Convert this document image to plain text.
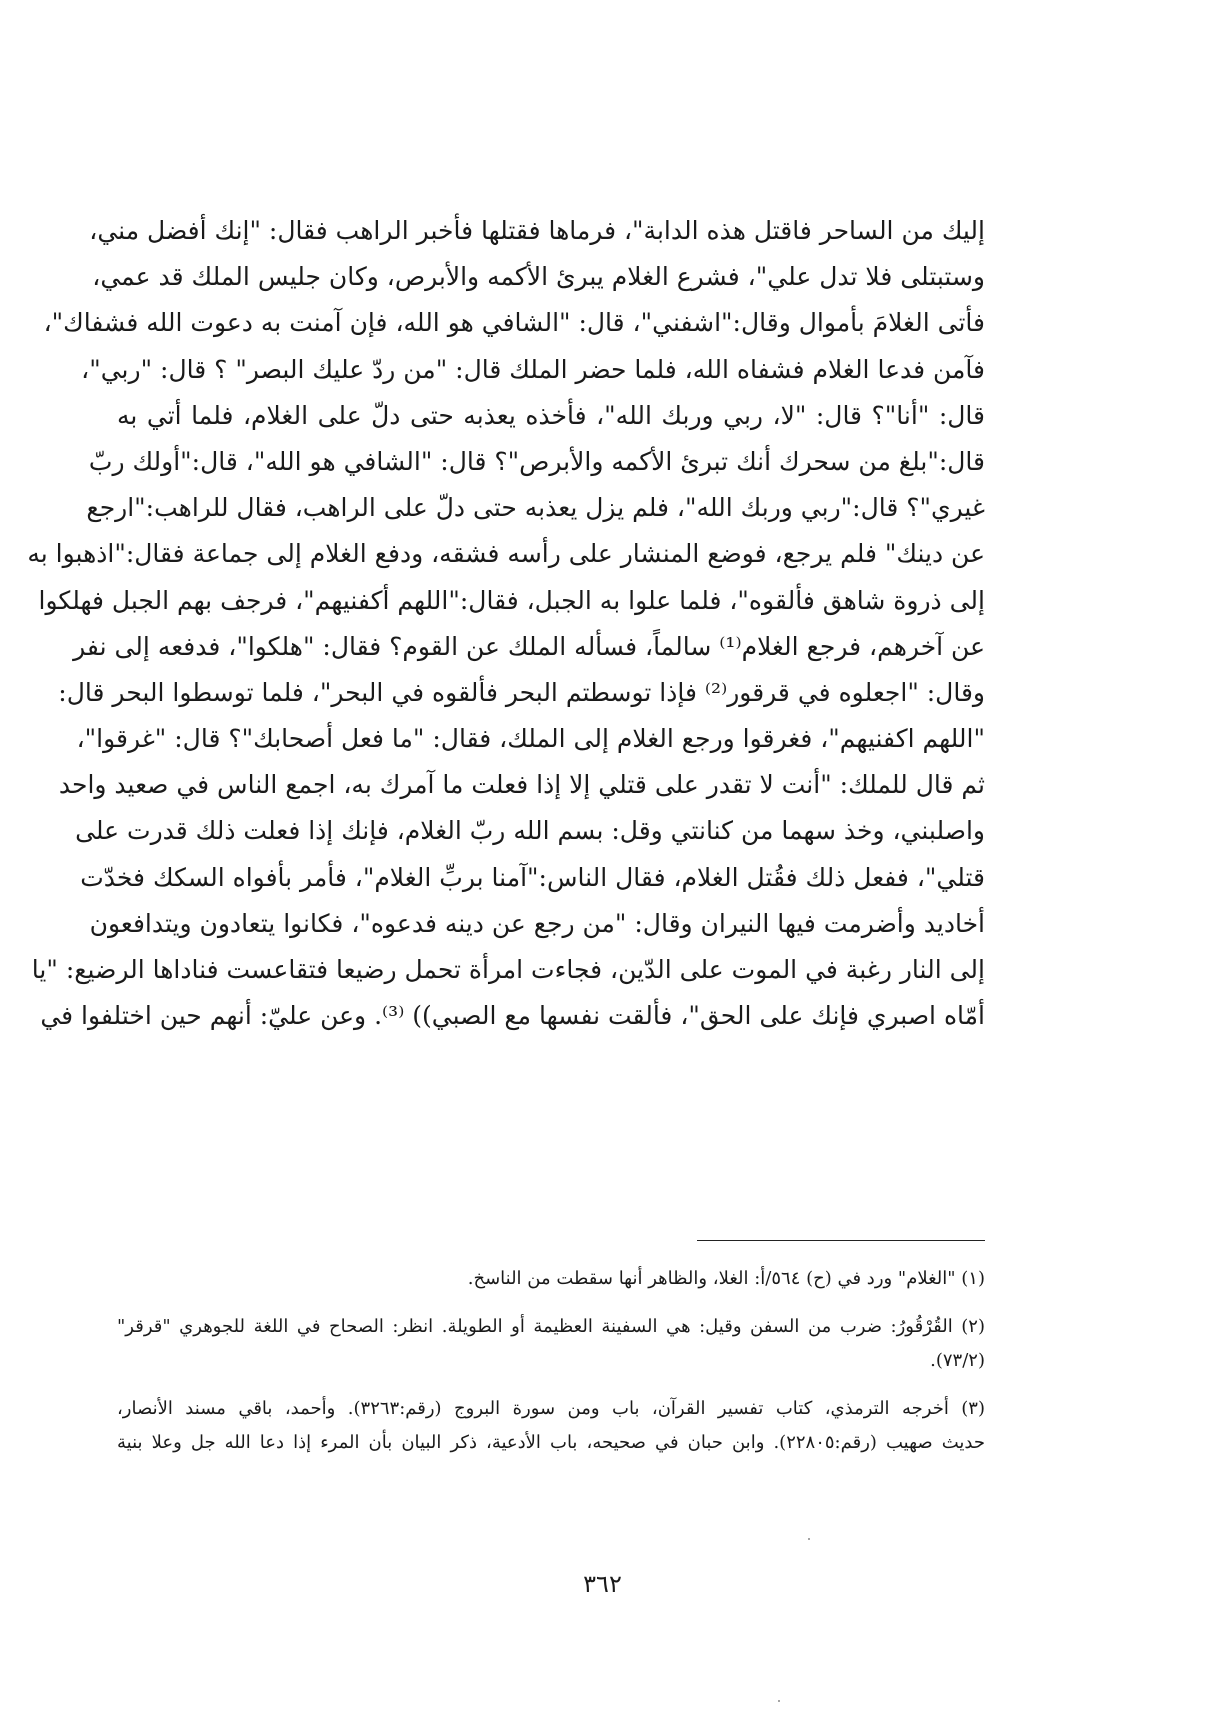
إليك من الساحر فاقتل هذه الدابة"، فرماها فقتلها فأخبر الراهب فقال: "إنك أفضل مني،
وستبتلى فلا تدل علي"، فشرع الغلام يبرئ الأكمه والأبرص، وكان جليس الملك قد عمي،
فأتى الغلامَ بأموال وقال:"اشفني"، قال: "الشافي هو الله، فإن آمنت به دعوت الله فشفاك"،
فآمن فدعا الغلام فشفاه الله، فلما حضر الملك قال: "من ردّ عليك البصر" ؟ قال: "ربي"،
قال: "أنا"؟ قال: "لا، ربي وربك الله"، فأخذه يعذبه حتى دلّ على الغلام، فلما أتي به
قال:"بلغ من سحرك أنك تبرئ الأكمه والأبرص"؟ قال: "الشافي هو الله"، قال:"أولك ربّ
غيري"؟ قال:"ربي وربك الله"، فلم يزل يعذبه حتى دلّ على الراهب، فقال للراهب:"ارجع
عن دينك" فلم يرجع، فوضع المنشار على رأسه فشقه، ودفع الغلام إلى جماعة فقال:"اذهبوا به
إلى ذروة شاهق فألقوه"، فلما علوا به الجبل، فقال:"اللهم أكفنيهم"، فرجف بهم الجبل فهلكوا
عن آخرهم، فرجع الغلام⁽¹⁾ سالماً، فسأله الملك عن القوم؟ فقال: "هلكوا"، فدفعه إلى نفر
وقال: "اجعلوه في قرقور⁽²⁾ فإذا توسطتم البحر فألقوه في البحر"، فلما توسطوا البحر قال:
"اللهم اكفنيهم"، فغرقوا ورجع الغلام إلى الملك، فقال: "ما فعل أصحابك"؟ قال: "غرقوا"،
ثم قال للملك: "أنت لا تقدر على قتلي إلا إذا فعلت ما آمرك به، اجمع الناس في صعيد واحد
واصلبني، وخذ سهما من كنانتي وقل: بسم الله ربّ الغلام، فإنك إذا فعلت ذلك قدرت على
قتلي"، ففعل ذلك فقُتل الغلام، فقال الناس:"آمنا بربِّ الغلام"، فأمر بأفواه السكك فخدّت
أخاديد وأضرمت فيها النيران وقال: "من رجع عن دينه فدعوه"، فكانوا يتعادون ويتدافعون
إلى النار رغبة في الموت على الدّين، فجاءت امرأة تحمل رضيعا فتقاعست فناداها الرضيع: "يا
أمّاه اصبري فإنك على الحق"، فألقت نفسها مع الصبي)) ⁽³⁾. وعن عليّ: أنهم حين اختلفوا في
(١) "الغلام" ورد في (ح) ٥٦٤/أ: الغلا، والظاهر أنها سقطت من الناسخ.
(٢) القُرْقُورُ: ضرب من السفن وقيل: هي السفينة العظيمة أو الطويلة. انظر: الصحاح في اللغة للجوهري "قرقر"
(٧٣/٢).
(٣) أخرجه الترمذي، كتاب تفسير القرآن، باب ومن سورة البروج (رقم:٣٢٦٣). وأحمد، باقي مسند الأنصار،
حديث صهيب (رقم:٢٢٨٠٥). وابن حبان في صحيحه، باب الأدعية، ذكر البيان بأن المرء إذا دعا الله جل وعلا بنية
٣٦٢
